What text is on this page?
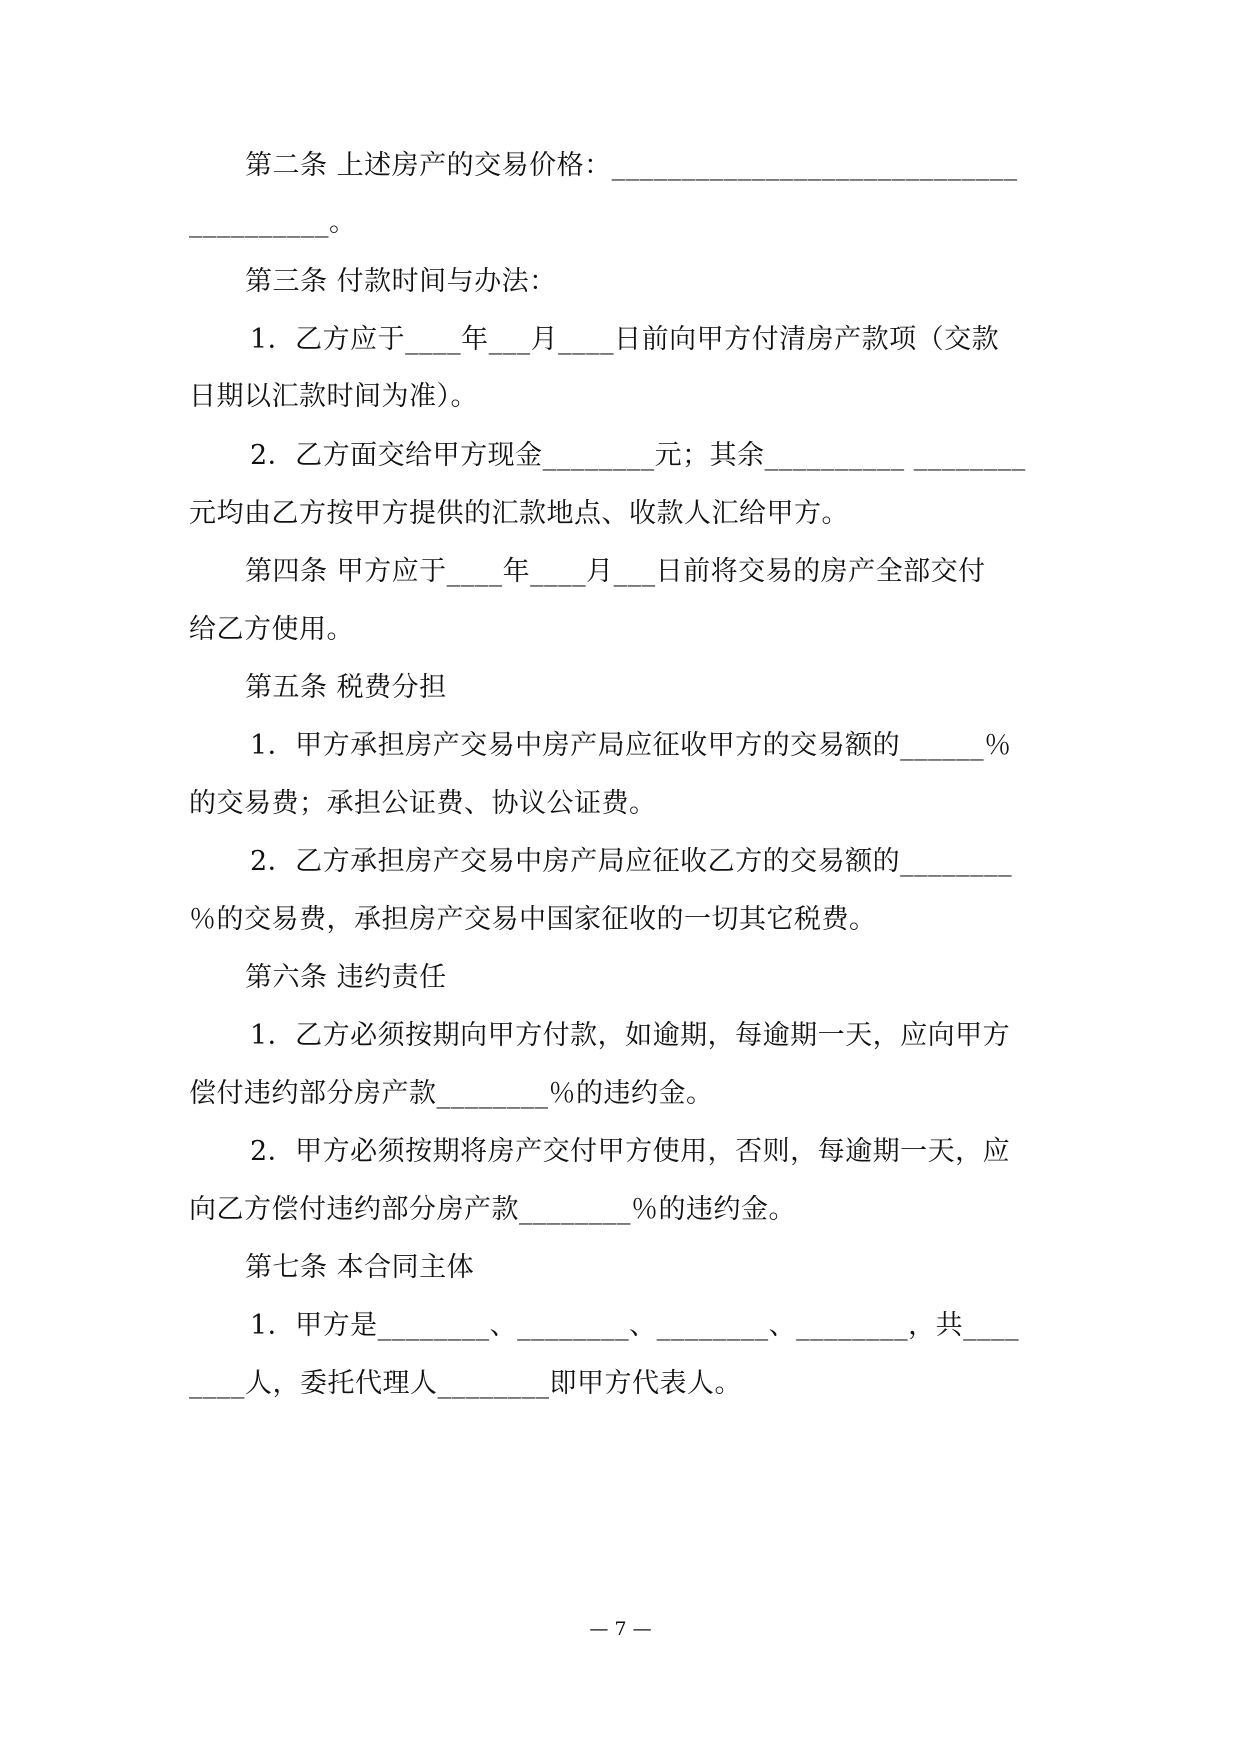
第二条 上述房产的交易价格：_____________________________
__________。
第三条 付款时间与办法：
1．乙方应于____年___月____日前向甲方付清房产款项（交款
日期以汇款时间为准）。
2．乙方面交给甲方现金________元；其余__________ ________
元均由乙方按甲方提供的汇款地点、收款人汇给甲方。
第四条 甲方应于____年____月___日前将交易的房产全部交付
给乙方使用。
第五条 税费分担
1．甲方承担房产交易中房产局应征收甲方的交易额的______％
的交易费；承担公证费、协议公证费。
2．乙方承担房产交易中房产局应征收乙方的交易额的________
％的交易费，承担房产交易中国家征收的一切其它税费。
第六条 违约责任
1．乙方必须按期向甲方付款，如逾期，每逾期一天，应向甲方
偿付违约部分房产款________％的违约金。
2．甲方必须按期将房产交付甲方使用，否则，每逾期一天，应
向乙方偿付违约部分房产款________％的违约金。
第七条 本合同主体
1．甲方是________、________、________、________，共____
____人，委托代理人________即甲方代表人。
— 7 —
